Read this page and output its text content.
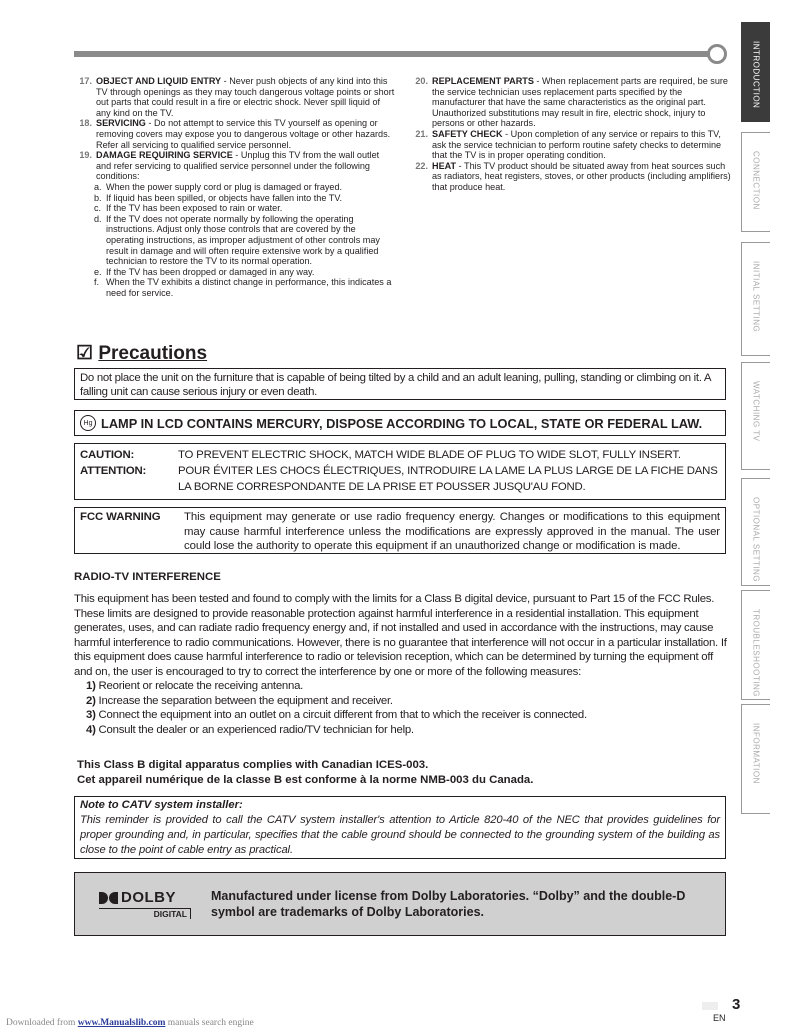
INTRODUCTION
CONNECTION
INITIAL SETTING
WATCHING TV
OPTIONAL SETTING
TROUBLESHOOTING
INFORMATION
17. OBJECT AND LIQUID ENTRY - Never push objects of any kind into this TV through openings as they may touch dangerous voltage points or short out parts that could result in a fire or electric shock. Never spill liquid of any kind on the TV.
18. SERVICING - Do not attempt to service this TV yourself as opening or removing covers may expose you to dangerous voltage or other hazards. Refer all servicing to qualified service personnel.
19. DAMAGE REQUIRING SERVICE - Unplug this TV from the wall outlet and refer servicing to qualified service personnel under the following conditions:
a. When the power supply cord or plug is damaged or frayed.
b. If liquid has been spilled, or objects have fallen into the TV.
c. If the TV has been exposed to rain or water.
d. If the TV does not operate normally by following the operating instructions. Adjust only those controls that are covered by the operating instructions, as improper adjustment of other controls may result in damage and will often require extensive work by a qualified technician to restore the TV to its normal operation.
e. If the TV has been dropped or damaged in any way.
f. When the TV exhibits a distinct change in performance, this indicates a need for service.
20. REPLACEMENT PARTS - When replacement parts are required, be sure the service technician uses replacement parts specified by the manufacturer that have the same characteristics as the original part. Unauthorized substitutions may result in fire, electric shock, injury to persons or other hazards.
21. SAFETY CHECK - Upon completion of any service or repairs to this TV, ask the service technician to perform routine safety checks to determine that the TV is in proper operating condition.
22. HEAT - This TV product should be situated away from heat sources such as radiators, heat registers, stoves, or other products (including amplifiers) that produce heat.
☑ Precautions
Do not place the unit on the furniture that is capable of being tilted by a child and an adult leaning, pulling, standing or climbing on it. A falling unit can cause serious injury or even death.
Hg LAMP IN LCD CONTAINS MERCURY, DISPOSE ACCORDING TO LOCAL, STATE OR FEDERAL LAW.
CAUTION:	TO PREVENT ELECTRIC SHOCK, MATCH WIDE BLADE OF PLUG TO WIDE SLOT, FULLY INSERT.
ATTENTION:	POUR ÉVITER LES CHOCS ÉLECTRIQUES, INTRODUIRE LA LAME LA PLUS LARGE DE LA FICHE DANS LA BORNE CORRESPONDANTE DE LA PRISE ET POUSSER JUSQU'AU FOND.
FCC WARNING	This equipment may generate or use radio frequency energy. Changes or modifications to this equipment may cause harmful interference unless the modifications are expressly approved in the manual. The user could lose the authority to operate this equipment if an unauthorized change or modification is made.
RADIO-TV INTERFERENCE
This equipment has been tested and found to comply with the limits for a Class B digital device, pursuant to Part 15 of the FCC Rules. These limits are designed to provide reasonable protection against harmful interference in a residential installation. This equipment generates, uses, and can radiate radio frequency energy and, if not installed and used in accordance with the instructions, may cause harmful interference to radio communications. However, there is no guarantee that interference will not occur in a particular installation. If this equipment does cause harmful interference to radio or television reception, which can be determined by turning the equipment off and on, the user is encouraged to try to correct the interference by one or more of the following measures:
1) Reorient or relocate the receiving antenna.
2) Increase the separation between the equipment and receiver.
3) Connect the equipment into an outlet on a circuit different from that to which the receiver is connected.
4) Consult the dealer or an experienced radio/TV technician for help.
This Class B digital apparatus complies with Canadian ICES-003.
Cet appareil numérique de la classe B est conforme à la norme NMB-003 du Canada.
Note to CATV system installer:
This reminder is provided to call the CATV system installer's attention to Article 820-40 of the NEC that provides guidelines for proper grounding and, in particular, specifies that the cable ground should be connected to the grounding system of the building as close to the point of cable entry as practical.
DOLBY
DIGITAL
Manufactured under license from Dolby Laboratories. “Dolby” and the double-D symbol are trademarks of Dolby Laboratories.
3
EN
Downloaded from www.Manualslib.com manuals search engine
